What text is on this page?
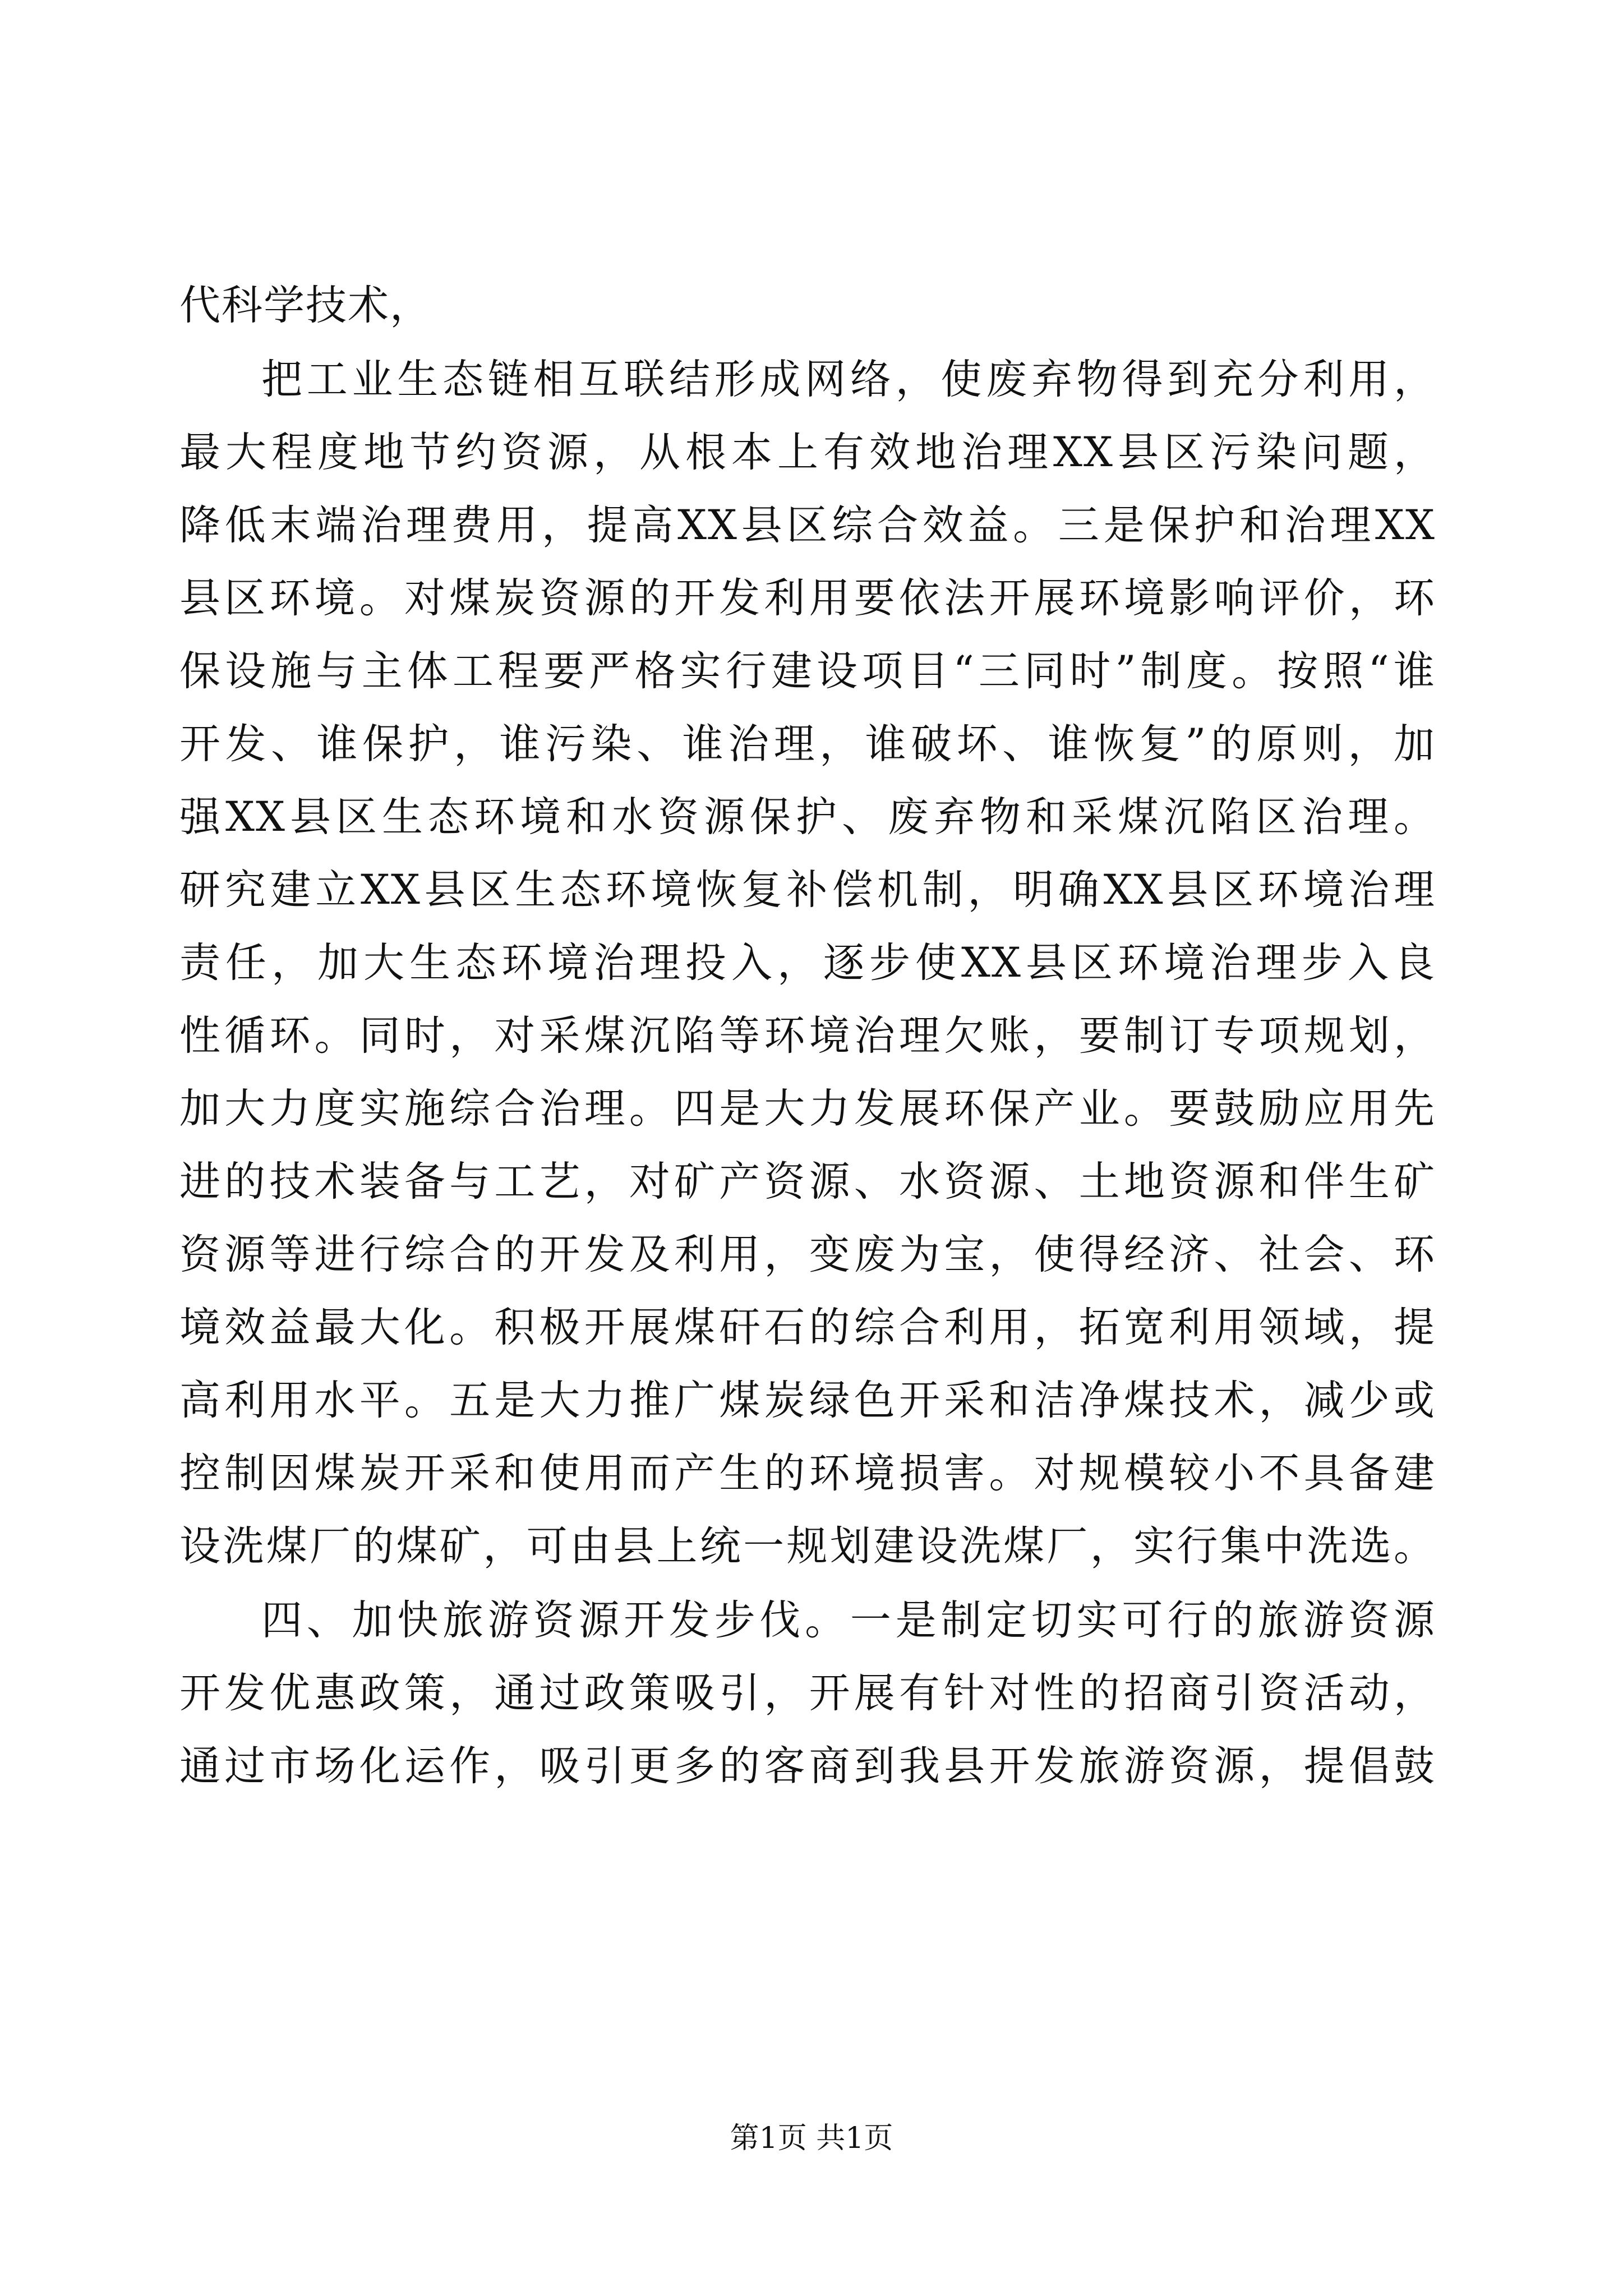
代科学技术，
把工业生态链相互联结形成网络，使废弃物得到充分利用，
最大程度地节约资源，从根本上有效地治理XX县区污染问题，
降低末端治理费用，提高XX县区综合效益。三是保护和治理XX
县区环境。对煤炭资源的开发利用要依法开展环境影响评价，环
保设施与主体工程要严格实行建设项目“三同时”制度。按照“谁
开发、谁保护，谁污染、谁治理，谁破坏、谁恢复”的原则，加
强XX县区生态环境和水资源保护、废弃物和采煤沉陷区治理。
研究建立XX县区生态环境恢复补偿机制，明确XX县区环境治理
责任，加大生态环境治理投入，逐步使XX县区环境治理步入良
性循环。同时，对采煤沉陷等环境治理欠账，要制订专项规划，
加大力度实施综合治理。四是大力发展环保产业。要鼓励应用先
进的技术装备与工艺，对矿产资源、水资源、土地资源和伴生矿
资源等进行综合的开发及利用，变废为宝，使得经济、社会、环
境效益最大化。积极开展煤矸石的综合利用，拓宽利用领域，提
高利用水平。五是大力推广煤炭绿色开采和洁净煤技术，减少或
控制因煤炭开采和使用而产生的环境损害。对规模较小不具备建
设洗煤厂的煤矿，可由县上统一规划建设洗煤厂，实行集中洗选。
四、加快旅游资源开发步伐。一是制定切实可行的旅游资源
开发优惠政策，通过政策吸引，开展有针对性的招商引资活动，
通过市场化运作，吸引更多的客商到我县开发旅游资源，提倡鼓
第1页 共1页
